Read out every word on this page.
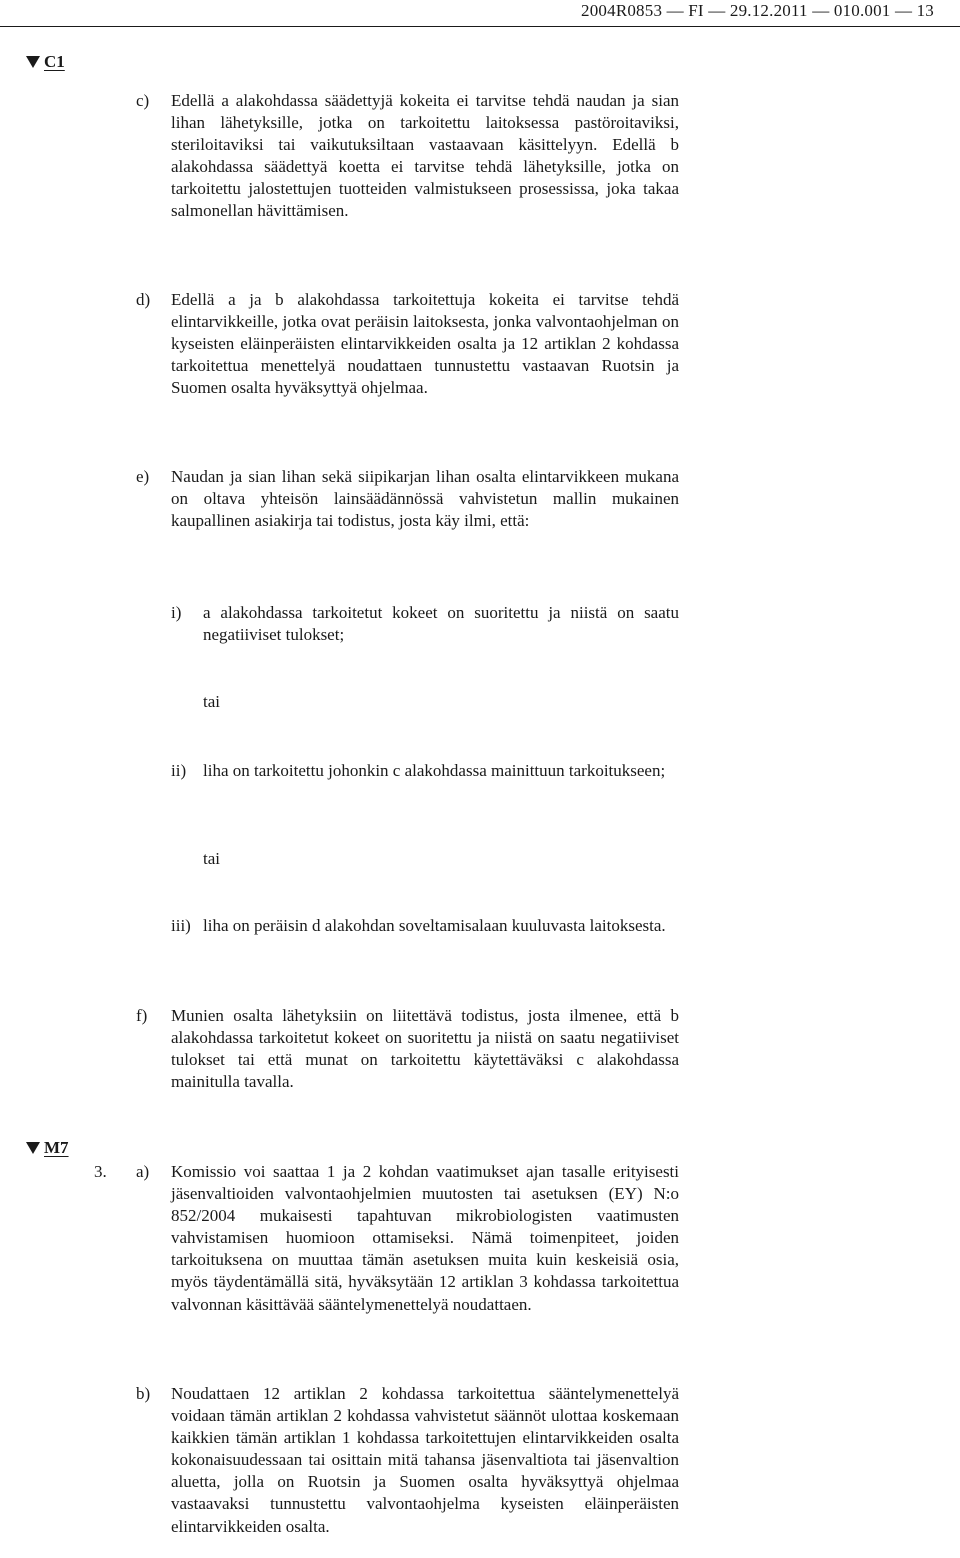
2004R0853 — FI — 29.12.2011 — 010.001 — 13
C1
c) Edellä a alakohdassa säädettyjä kokeita ei tarvitse tehdä naudan ja sian lihan lähetyksille, jotka on tarkoitettu laitoksessa pastöroitaviksi, steriloitaviksi tai vaikutuksiltaan vastaavaan käsittelyyn. Edellä b alakohdassa säädettyä koetta ei tarvitse tehdä lähetyksille, jotka on tarkoitettu jalostettujen tuotteiden valmistukseen prosessissa, joka takaa salmonellan hävittämisen.
d) Edellä a ja b alakohdassa tarkoitettuja kokeita ei tarvitse tehdä elintarvikkeille, jotka ovat peräisin laitoksesta, jonka valvontaohjelman on kyseisten eläinperäisten elintarvikkeiden osalta ja 12 artiklan 2 kohdassa tarkoitettua menettelyä noudattaen tunnustettu vastaavan Ruotsin ja Suomen osalta hyväksyttyä ohjelmaa.
e) Naudan ja sian lihan sekä siipikarjan lihan osalta elintarvikkeen mukana on oltava yhteisön lainsäädännössä vahvistetun mallin mukainen kaupallinen asiakirja tai todistus, josta käy ilmi, että:
i) a alakohdassa tarkoitetut kokeet on suoritettu ja niistä on saatu negatiiviset tulokset;
tai
ii) liha on tarkoitettu johonkin c alakohdassa mainittuun tarkoitukseen;
tai
iii) liha on peräisin d alakohdan soveltamisalaan kuuluvasta laitoksesta.
f) Munien osalta lähetyksiin on liitettävä todistus, josta ilmenee, että b alakohdassa tarkoitetut kokeet on suoritettu ja niistä on saatu negatiiviset tulokset tai että munat on tarkoitettu käytettäväksi c alakohdassa mainitulla tavalla.
M7
3. a) Komissio voi saattaa 1 ja 2 kohdan vaatimukset ajan tasalle erityisesti jäsenvaltioiden valvontaohjelmien muutosten tai asetuksen (EY) N:o 852/2004 mukaisesti tapahtuvan mikrobiologisten vaatimusten vahvistamisen huomioon ottamiseksi. Nämä toimenpiteet, joiden tarkoituksena on muuttaa tämän asetuksen muita kuin keskeisiä osia, myös täydentämällä sitä, hyväksytään 12 artiklan 3 kohdassa tarkoitettua valvonnan käsittävää sääntelymenettelyä noudattaen.
b) Noudattaen 12 artiklan 2 kohdassa tarkoitettua sääntelymenettelyä voidaan tämän artiklan 2 kohdassa vahvistetut säännöt ulottaa koskemaan kaikkien tämän artiklan 1 kohdassa tarkoitettujen elintarvikkeiden osalta kokonaisuudessaan tai osittain mitä tahansa jäsenvaltiota tai jäsenvaltion aluetta, jolla on Ruotsin ja Suomen osalta hyväksyttyä ohjelmaa vastaavaksi tunnustettu valvontaohjelma kyseisten eläinperäisten elintarvikkeiden osalta.
